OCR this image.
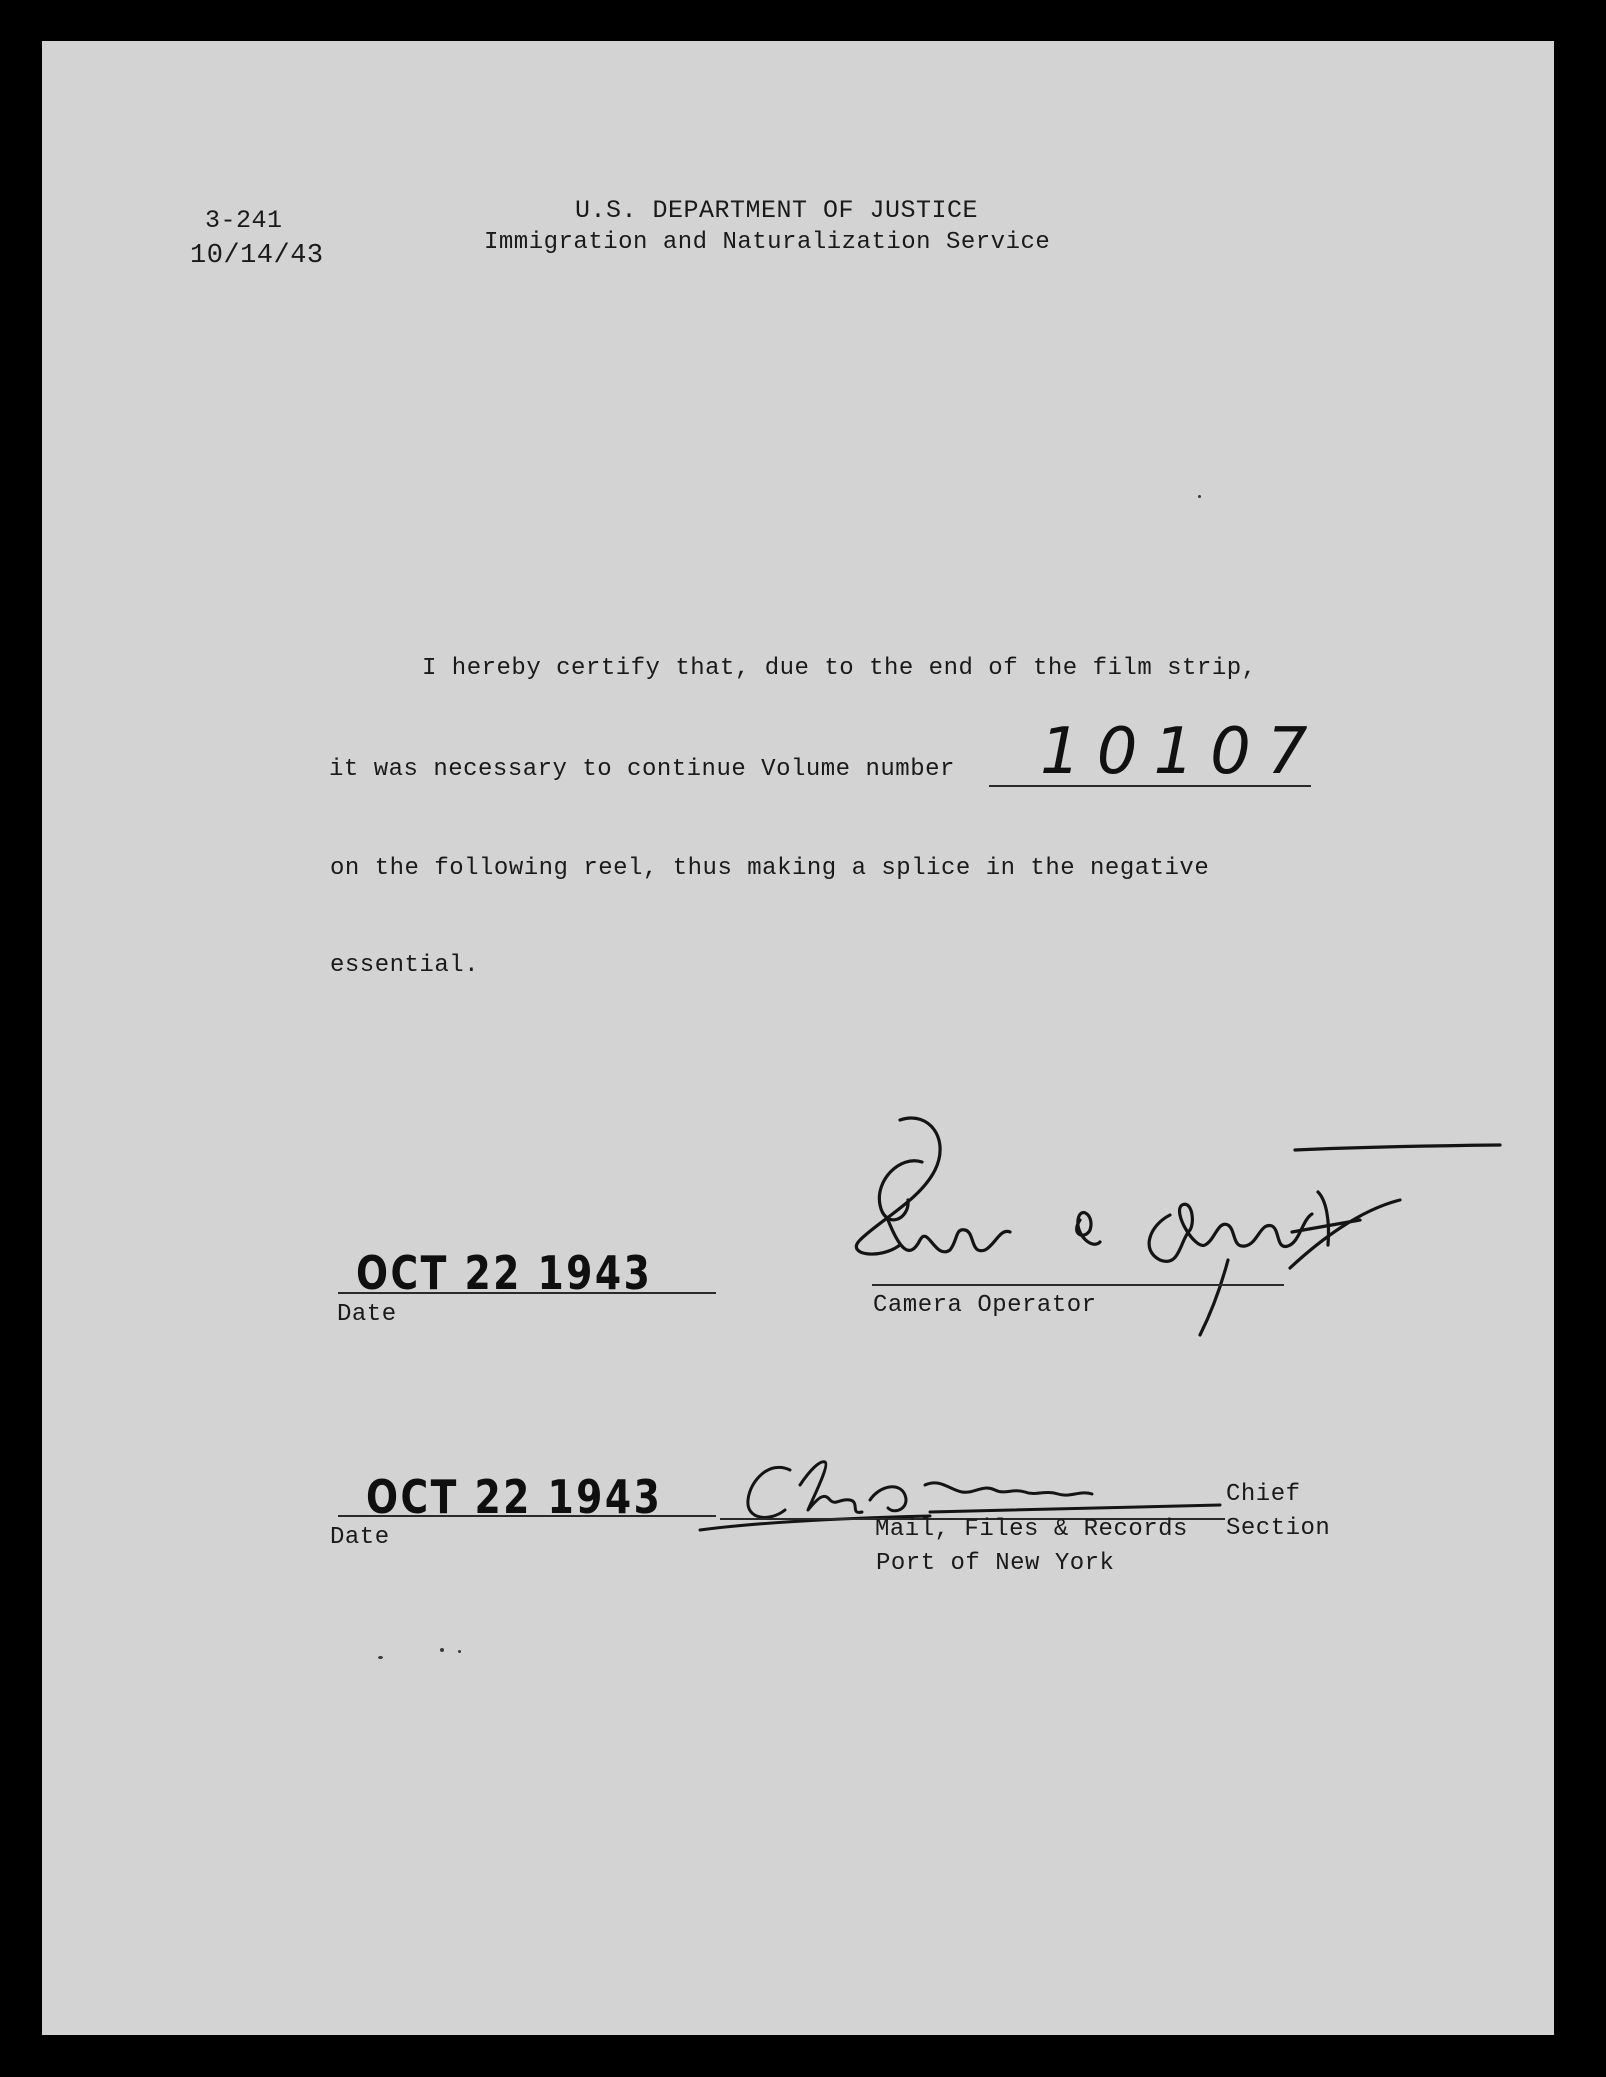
3-241
10/14/43
U.S. DEPARTMENT OF JUSTICE
Immigration and Naturalization Service
I hereby certify that, due to the end of the film strip,
it was necessary to continue Volume number 10107
on the following reel, thus making a splice in the negative
essential.
OCT 22 1943
Date	Camera Operator
OCT 22 1943
Date
Chief
Section
Mail, Files & Records
Port of New York
